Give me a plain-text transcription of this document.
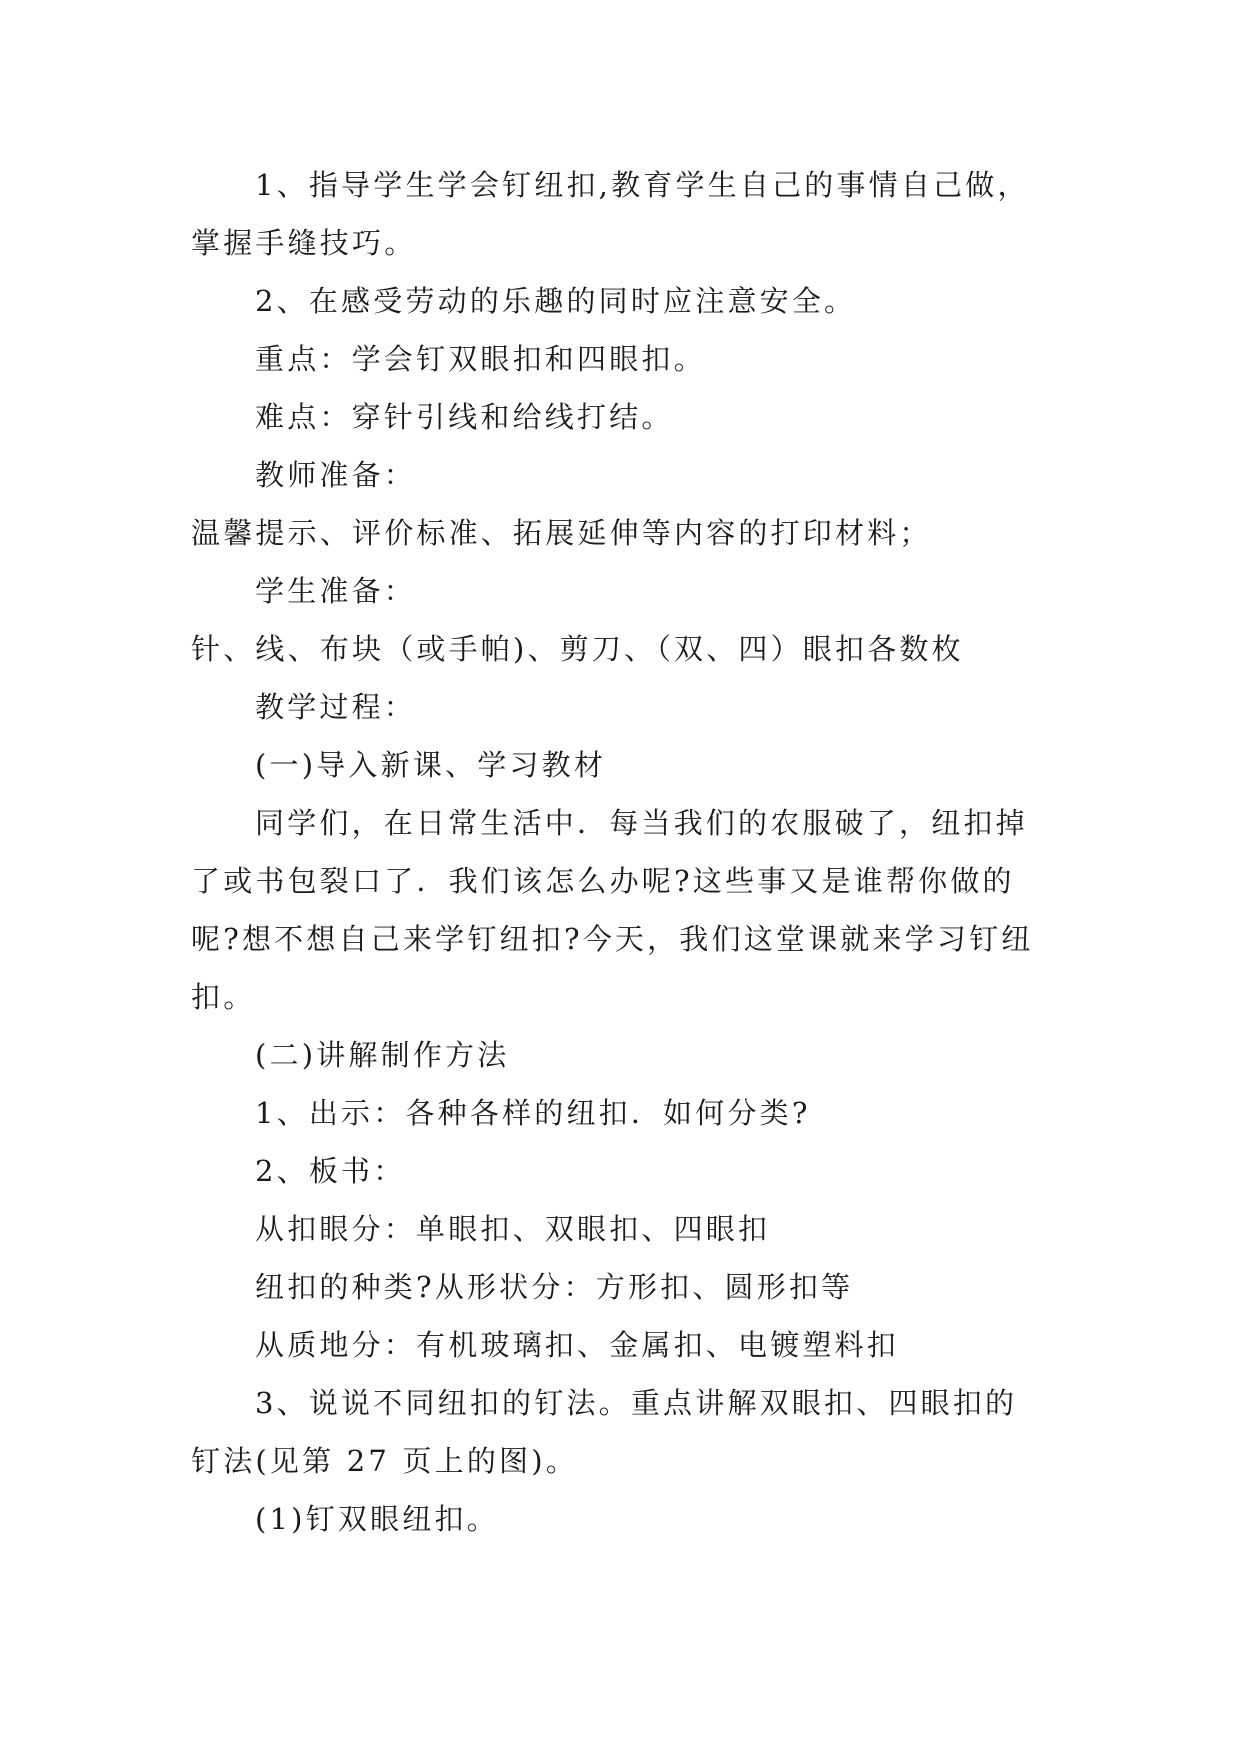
1、指导学生学会钉纽扣,教育学生自己的事情自己做，

掌握手缝技巧。

2、在感受劳动的乐趣的同时应注意安全。

重点：学会钉双眼扣和四眼扣。

难点：穿针引线和给线打结。

教师准备：

温馨提示、评价标准、拓展延伸等内容的打印材料；

学生准备：

针、线、布块（或手帕)、剪刀、（双、四）眼扣各数枚

教学过程：

(一)导入新课、学习教材

同学们，在日常生活中．每当我们的农服破了，纽扣掉

了或书包裂口了．我们该怎么办呢?这些事又是谁帮你做的

呢?想不想自己来学钉纽扣?今天，我们这堂课就来学习钉纽

扣。

(二)讲解制作方法

1、出示：各种各样的纽扣．如何分类?

2、板书：

从扣眼分：单眼扣、双眼扣、四眼扣

纽扣的种类?从形状分：方形扣、圆形扣等

从质地分：有机玻璃扣、金属扣、电镀塑料扣

3、说说不同纽扣的钉法。重点讲解双眼扣、四眼扣的

钉法(见第 27 页上的图)。

(1)钉双眼纽扣。
